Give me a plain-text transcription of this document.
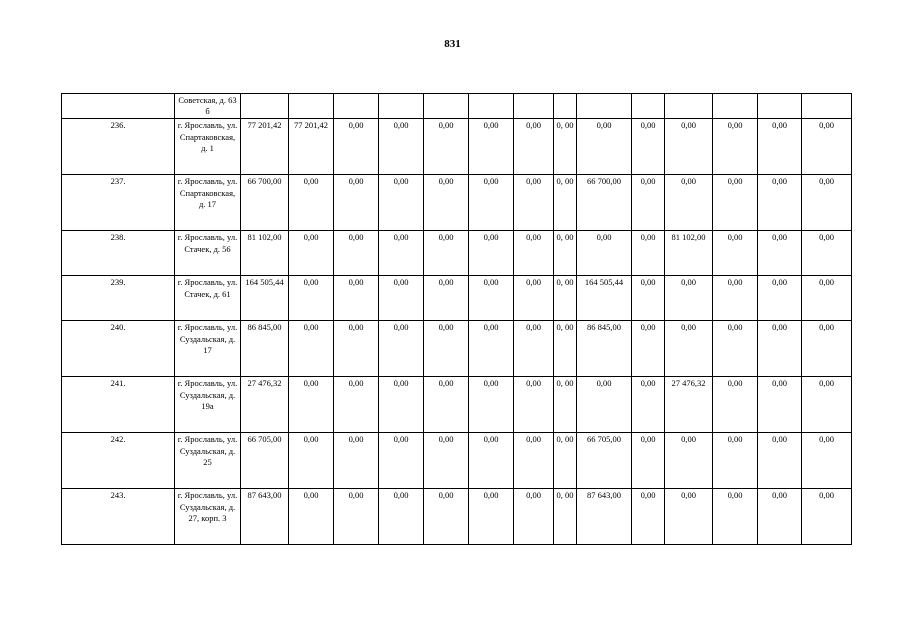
831
	Советская, д. 63б														
236.	г. Ярославль, ул. Спартаковская, д. 1	77 201,42	77 201,42	0,00	0,00	0,00	0,00	0,00	0, 00	0,00	0,00	0,00	0,00	0,00	0,00
237.	г. Ярославль, ул. Спартаковская, д. 17	66 700,00	0,00	0,00	0,00	0,00	0,00	0,00	0, 00	66 700,00	0,00	0,00	0,00	0,00	0,00
238.	г. Ярославль, ул. Стачек, д. 56	81 102,00	0,00	0,00	0,00	0,00	0,00	0,00	0, 00	0,00	0,00	81 102,00	0,00	0,00	0,00
239.	г. Ярославль, ул. Стачек, д. 61	164 505,44	0,00	0,00	0,00	0,00	0,00	0,00	0, 00	164 505,44	0,00	0,00	0,00	0,00	0,00
240.	г. Ярославль, ул. Суздальская, д. 17	86 845,00	0,00	0,00	0,00	0,00	0,00	0,00	0, 00	86 845,00	0,00	0,00	0,00	0,00	0,00
241.	г. Ярославль, ул. Суздальская, д. 19а	27 476,32	0,00	0,00	0,00	0,00	0,00	0,00	0, 00	0,00	0,00	27 476,32	0,00	0,00	0,00
242.	г. Ярославль, ул. Суздальская, д. 25	66 705,00	0,00	0,00	0,00	0,00	0,00	0,00	0, 00	66 705,00	0,00	0,00	0,00	0,00	0,00
243.	г. Ярославль, ул. Суздальская, д. 27, корп. 3	87 643,00	0,00	0,00	0,00	0,00	0,00	0,00	0, 00	87 643,00	0,00	0,00	0,00	0,00	0,00
